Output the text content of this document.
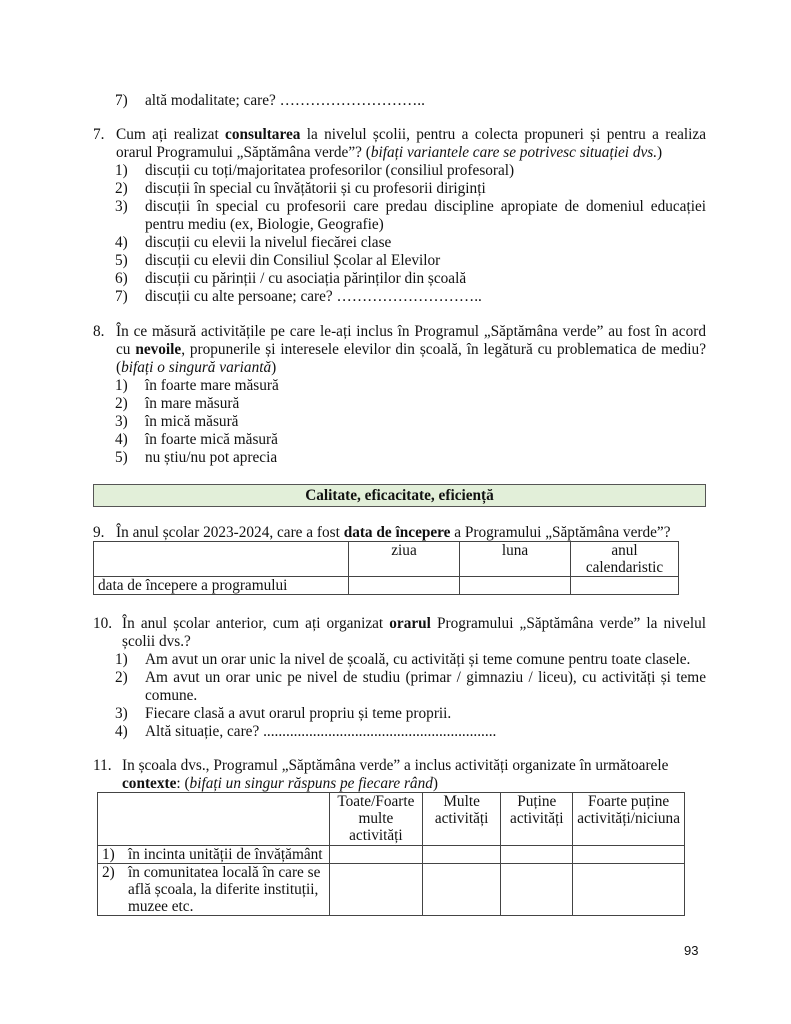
7) altă modalitate; care? ………………………..
7. Cum ați realizat consultarea la nivelul școlii, pentru a colecta propuneri și pentru a realiza orarul Programului „Săptămâna verde”? (bifați variantele care se potrivesc situației dvs.)
1) discuții cu toți/majoritatea profesorilor (consiliul profesoral)
2) discuții în special cu învățătorii și cu profesorii diriginți
3) discuții în special cu profesorii care predau discipline apropiate de domeniul educației pentru mediu (ex, Biologie, Geografie)
4) discuții cu elevii la nivelul fiecărei clase
5) discuții cu elevii din Consiliul Școlar al Elevilor
6) discuții cu părinții / cu asociația părinților din școală
7) discuții cu alte persoane; care? ………………………..
8. În ce măsură activitățile pe care le-ați inclus în Programul „Săptămâna verde” au fost în acord cu nevoile, propunerile și interesele elevilor din școală, în legătură cu problematica de mediu? (bifați o singură variantă)
1) în foarte mare măsură
2) în mare măsură
3) în mică măsură
4) în foarte mică măsură
5) nu știu/nu pot aprecia
Calitate, eficacitate, eficiență
9. În anul școlar 2023-2024, care a fost data de începere a Programului „Săptămâna verde”?
	ziua	luna	anul calendaristic
data de începere a programului			
10. În anul școlar anterior, cum ați organizat orarul Programului „Săptămâna verde” la nivelul școlii dvs.?
1) Am avut un orar unic la nivel de școală, cu activități și teme comune pentru toate clasele.
2) Am avut un orar unic pe nivel de studiu (primar / gimnaziu / liceu), cu activități și teme comune.
3) Fiecare clasă a avut orarul propriu și teme proprii.
4) Altă situație, care? .............................................................
11. In școala dvs., Programul „Săptămâna verde” a inclus activități organizate în următoarele contexte: (bifați un singur răspuns pe fiecare rând)
	Toate/Foarte multe activități	Multe activități	Puține activități	Foarte puține activități/niciuna

1) în incinta unității de învățământ				

2) în comunitatea locală în care se află școala, la diferite instituții, muzee etc.				

93
